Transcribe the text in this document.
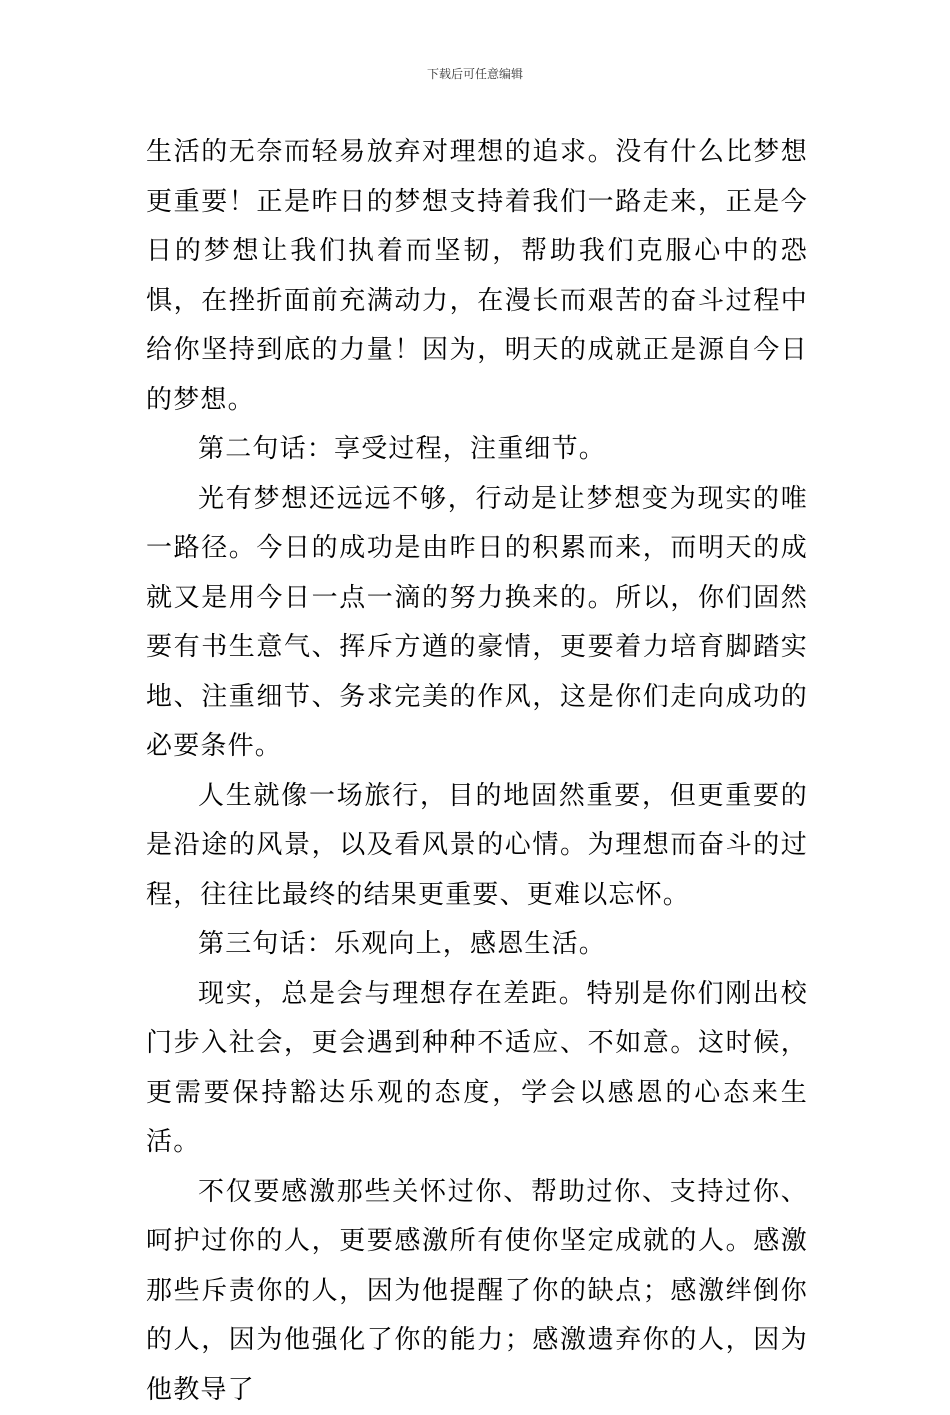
下载后可任意编辑

生活的无奈而轻易放弃对理想的追求。没有什么比梦想更重要！正是昨日的梦想支持着我们一路走来，正是今日的梦想让我们执着而坚韧，帮助我们克服心中的恐惧，在挫折面前充满动力，在漫长而艰苦的奋斗过程中给你坚持到底的力量！因为，明天的成就正是源自今日的梦想。

第二句话：享受过程，注重细节。

光有梦想还远远不够，行动是让梦想变为现实的唯一路径。今日的成功是由昨日的积累而来，而明天的成就又是用今日一点一滴的努力换来的。所以，你们固然要有书生意气、挥斥方遒的豪情，更要着力培育脚踏实地、注重细节、务求完美的作风，这是你们走向成功的必要条件。

人生就像一场旅行，目的地固然重要，但更重要的是沿途的风景，以及看风景的心情。为理想而奋斗的过程，往往比最终的结果更重要、更难以忘怀。

第三句话：乐观向上，感恩生活。

现实，总是会与理想存在差距。特别是你们刚出校门步入社会，更会遇到种种不适应、不如意。这时候，更需要保持豁达乐观的态度，学会以感恩的心态来生活。

不仅要感激那些关怀过你、帮助过你、支持过你、呵护过你的人，更要感激所有使你坚定成就的人。感激那些斥责你的人，因为他提醒了你的缺点；感激绊倒你的人，因为他强化了你的能力；感激遗弃你的人，因为他教导了
